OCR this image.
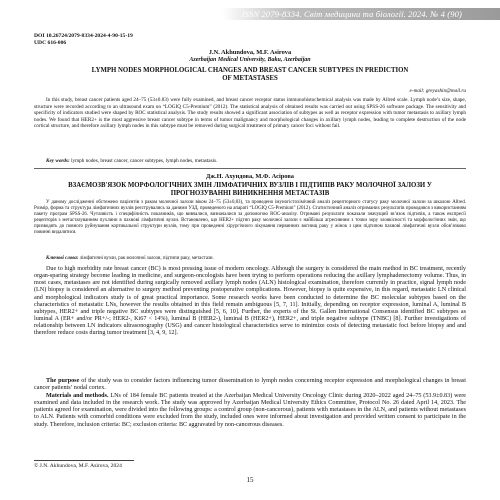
ISSN 2079-8334. Світ медицини та біології. 2024. № 4 (90)
DOI 10.26724/2079-8334-2024-4-90-15-19
UDC 616-006
J.N. Akhundova, M.F. Asirova
Azerbaijan Medical University, Baku, Azerbaijan
LYMPH NODES MORPHOLOGICAL CHANGES AND BREAST CANCER SUBTYPES IN PREDICTION OF METASTASES
e-mail: greyashin@mail.ru
In this study, breast cancer patients aged 24–75 (53±0.83) were fully examined, and breast cancer receptor status immunohistochemical analysis was made by Allred scale. Lymph node’s size, shape, structure were recorded according to an ultrasound exam on “LOGIQ C5-Premium” (2012). The statistical analysis of obtained results was carried out using SPSS-26 software package. The sensitivity and specificity of indicators studied were shaped by ROC statistical analysis. The study results showed a significant association of subtypes as well as receptor expression with tumor metastasis to axillary lymph nodes. We found that HER2+ is the most aggressive breast cancer subtype in terms of tumor malignancy and morphological changes in axillary lymph nodes, leading to complete destruction of the node cortical structure, and therefore axillary lymph nodes in this subtype must be removed during surgical treatment of primary cancer foci without fail.
Key words: lymph nodes, breast cancer, cancer subtypes, lymph nodes, metastasis.
Дж.Н. Ахундова, М.Ф. Асірова
ВЗАЄМОЗВ'ЯЗОК МОРФОЛОГІЧНИХ ЗМІН ЛІМФАТИЧНИХ ВУЗЛІВ І ПІДТИПІВ РАКУ МОЛОЧНОЇ ЗАЛОЗИ У ПРОГНОЗУВАННІ ВИНИКНЕННЯ МЕТАСТАЗІВ
У даному дослідженні обстежено пацієнтів з раком молочної залози віком 24–75 (53±0,83), та проведено імуногістохімічний аналіз рецепторного статусу раку молочної залози за шкалою Allred. Розмір, форма та структура лімфатичних вузлів реєструвались за даними УЗД, проведеного на апараті “LOGIQ C5-Premium” (2012). Статистичний аналіз отриманих результатів проводився з використанням пакету програм SPSS-26. Чутливість і специфічність показників, що вивчалися, визначалися за допомогою ROC-аналізу. Отримані результати показали значущий зв’язок підтипів, а також експресії рецепторів з метастазуванням пухлини в пахвові лімфатичні вузли. Встановлено, що HER2+ підтип раку молочної залози є найбільш агресивним з точки зору злоякісності та морфологічних змін, що призводять до повного руйнування кортикальної структури вузлів, тому при проведенні хірургічного лікування первинних вогнищ раку у жінок з цим підтипом пахвові лімфатичні вузли обов’язково повинні видалятися.
Ключові слова: лімфатичні вузли, рак молочної залози, підтипи раку, метастази.
Due to high morbidity rate breast cancer (BC) is most pressing issue of modern oncology. Although the surgery is considered the main method in BC treatment, recently organ-sparing strategy become leading in medicine, and surgeon-oncologists have been trying to perform operations reducing the axillary lymphadenectomy volume. Thus, in most cases, metastases are not identified during surgically removed axillary lymph nodes (ALN) histological examination, therefore currently in practice, signal lymph node (LN) biopsy is considered an alternative to surgery method preventing postoperative complications. However, biopsy is quite expensive, in this regard, metastatic LN clinical and morphological indicators study is of great practical importance. Some research works have been conducted to determine the BC molecular subtypes based on the characteristics of metastatic LNs, however the results obtained in this field remain ambiguous [5, 7, 11]. Initially, depending on receptor expression, luminal A, luminal B subtypes, HER2+ and triple negative BC subtypes were distinguished [5, 6, 10]. Further, the experts of the St. Gallen International Consensus identified BC subtypes as luminal A (ER+ and/or PR+/-; HER2-, Ki67 < 14%), luminal B (HER2-), luminal B (HER2+), HER2+, and triple negative subtype (TNBC) [8]. Further investigations of relationship between LN indicators ultrasonography (USG) and cancer histological characteristics serve to minimize costs of detecting metastatic foci before biopsy and and therefore reduce costs during tumor treatment [3, 4, 9, 12].
The purpose of the study was to consider factors influencing tumor dissemination to lymph nodes concerning receptor expression and morphological changes in breast cancer patients’ nodal cortex.
Materials and methods. LNs of 184 female BC patients treated at the Azerbaijan Medical University Oncology Clinic during 2020–2022 aged 24–75 (53.9±0.83) were examined and data included in the research work. The study was approved by Azerbaijan Medical University Ethics Committee, Protocol No. 26 dated April 14, 2023. The patients agreed for examination, were divided into the following groups: a control group (non-cancerous), patients with metastases in the ALN, and patients without metastases to ALN. Patients with comorbid conditions were excluded from the study, included ones were informed about investigation and provided written consent to participate in the study. Therefore, inclusion criteria: BC; exclusion criteria: BC aggravated by non-cancerous diseases.
© J.N. Akhundova, M.F. Asirova, 2024
15
